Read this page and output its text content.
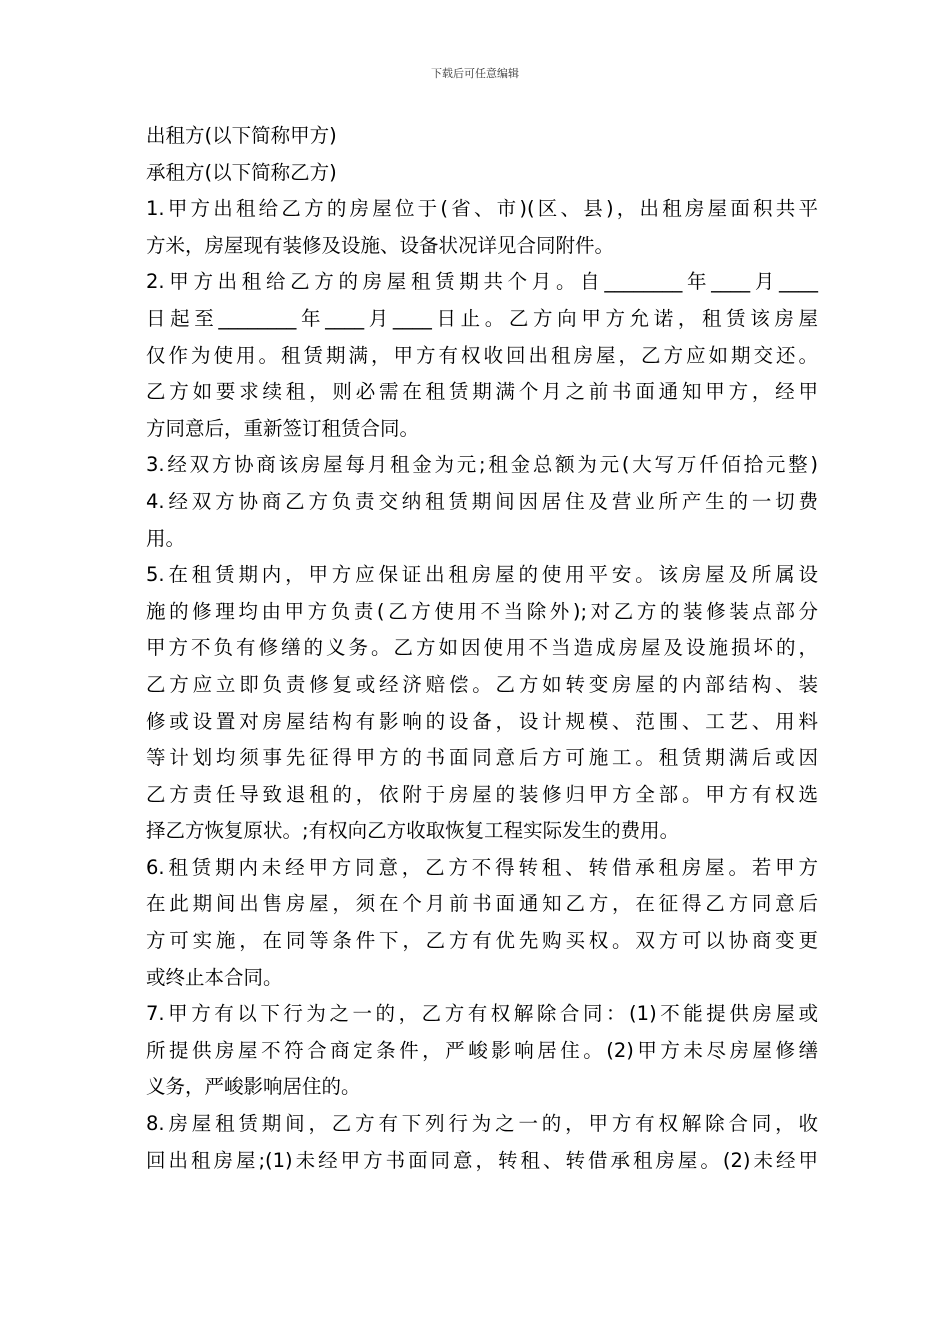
下载后可任意编辑
出租方(以下简称甲方)
承租方(以下简称乙方)
1.甲方出租给乙方的房屋位于(省、市)(区、县)，出租房屋面积共平
方米，房屋现有装修及设施、设备状况详见合同附件。
2.甲方出租给乙方的房屋租赁期共个月。自________年____月____
日起至________年____月____日止。乙方向甲方允诺，租赁该房屋
仅作为使用。租赁期满，甲方有权收回出租房屋，乙方应如期交还。
乙方如要求续租，则必需在租赁期满个月之前书面通知甲方，经甲
方同意后，重新签订租赁合同。
3.经双方协商该房屋每月租金为元;租金总额为元(大写万仟佰拾元整)
4.经双方协商乙方负责交纳租赁期间因居住及营业所产生的一切费
用。
5.在租赁期内，甲方应保证出租房屋的使用平安。该房屋及所属设
施的修理均由甲方负责(乙方使用不当除外);对乙方的装修装点部分
甲方不负有修缮的义务。乙方如因使用不当造成房屋及设施损坏的，
乙方应立即负责修复或经济赔偿。乙方如转变房屋的内部结构、装
修或设置对房屋结构有影响的设备，设计规模、范围、工艺、用料
等计划均须事先征得甲方的书面同意后方可施工。租赁期满后或因
乙方责任导致退租的，依附于房屋的装修归甲方全部。甲方有权选
择乙方恢复原状。;有权向乙方收取恢复工程实际发生的费用。
6.租赁期内未经甲方同意，乙方不得转租、转借承租房屋。若甲方
在此期间出售房屋，须在个月前书面通知乙方，在征得乙方同意后
方可实施，在同等条件下，乙方有优先购买权。双方可以协商变更
或终止本合同。
7.甲方有以下行为之一的，乙方有权解除合同：(1)不能提供房屋或
所提供房屋不符合商定条件，严峻影响居住。(2)甲方未尽房屋修缮
义务，严峻影响居住的。
8.房屋租赁期间，乙方有下列行为之一的，甲方有权解除合同，收
回出租房屋;(1)未经甲方书面同意，转租、转借承租房屋。(2)未经甲
